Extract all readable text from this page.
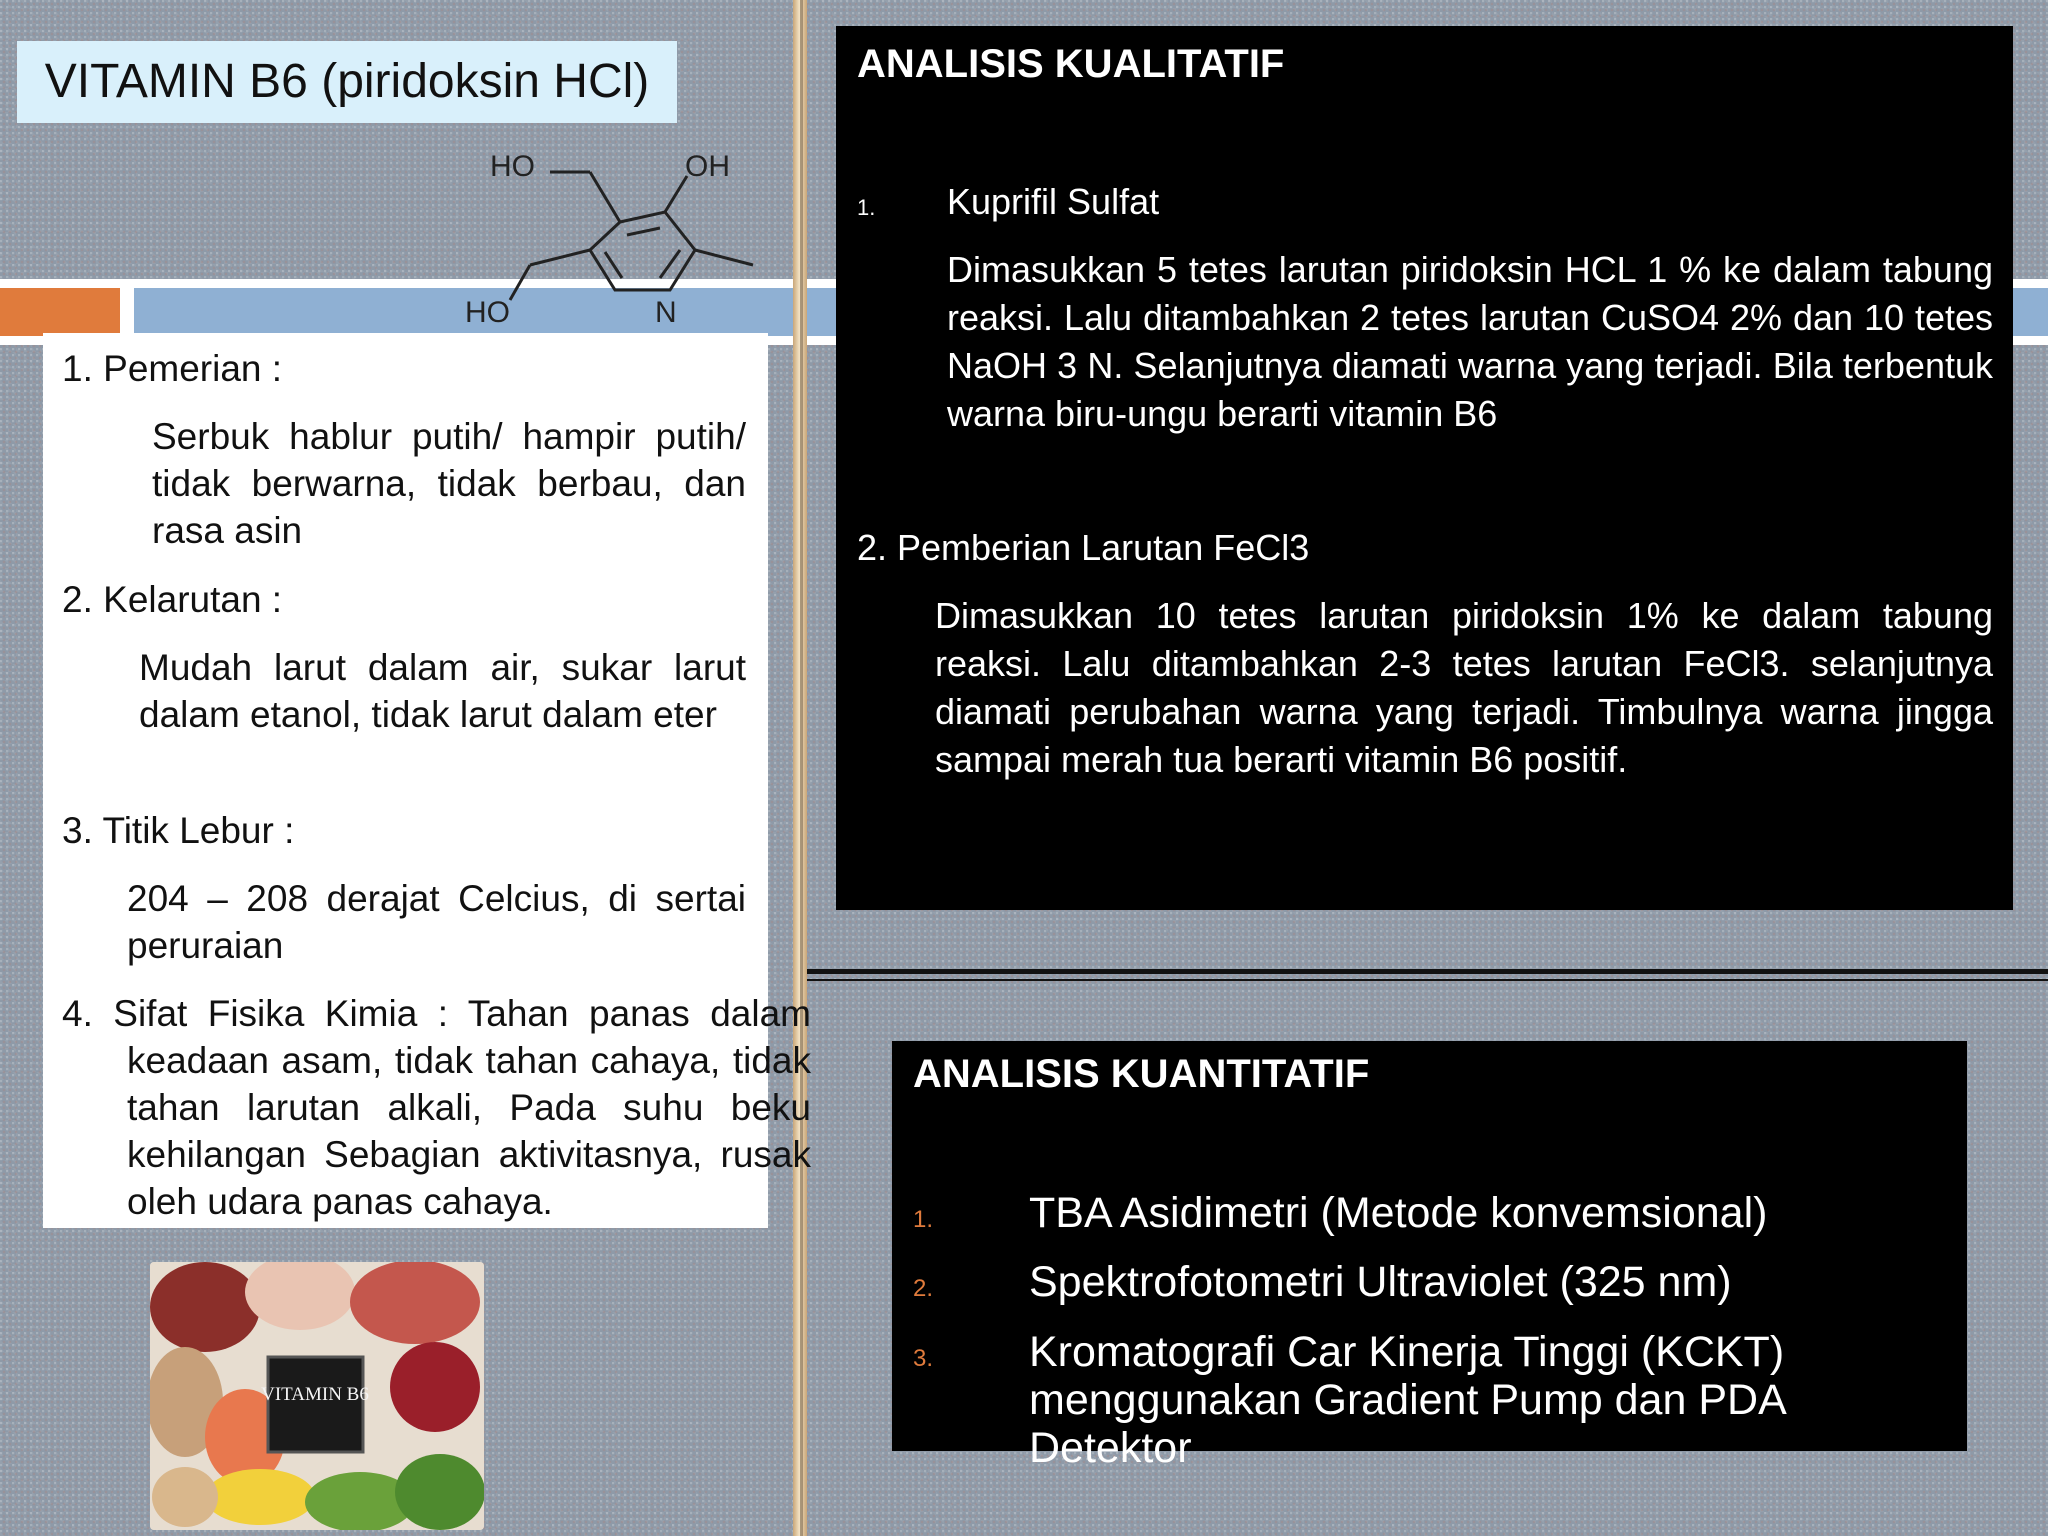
VITAMIN B6 (piridoksin HCl)
HO	OH
HO	N
1. Pemerian :
Serbuk hablur putih/ hampir putih/ tidak berwarna, tidak berbau, dan rasa asin
2. Kelarutan :
Mudah larut dalam air, sukar larut dalam etanol, tidak larut dalam eter
3. Titik Lebur :
204 – 208 derajat Celcius, di sertai peruraian
4. Sifat Fisika Kimia : Tahan panas dalam keadaan asam, tidak tahan cahaya, tidak tahan larutan alkali, Pada suhu beku kehilangan Sebagian aktivitasnya, rusak oleh udara panas cahaya.
VITAMIN B6
ANALISIS KUALITATIF
1. Kuprifil Sulfat
Dimasukkan 5 tetes larutan piridoksin HCL 1 % ke dalam tabung reaksi. Lalu ditambahkan 2 tetes larutan CuSO4 2% dan 10 tetes NaOH 3 N. Selanjutnya diamati warna yang terjadi. Bila terbentuk warna biru-ungu berarti vitamin B6
2. Pemberian Larutan FeCl3
Dimasukkan 10 tetes larutan piridoksin 1% ke dalam tabung reaksi. Lalu ditambahkan 2-3 tetes larutan FeCl3. selanjutnya diamati perubahan warna yang terjadi. Timbulnya warna jingga sampai merah tua berarti vitamin B6 positif.
ANALISIS KUANTITATIF
1. TBA Asidimetri (Metode konvemsional)
2. Spektrofotometri Ultraviolet (325 nm)
3. Kromatografi Car Kinerja Tinggi (KCKT) menggunakan Gradient Pump dan PDA Detektor
